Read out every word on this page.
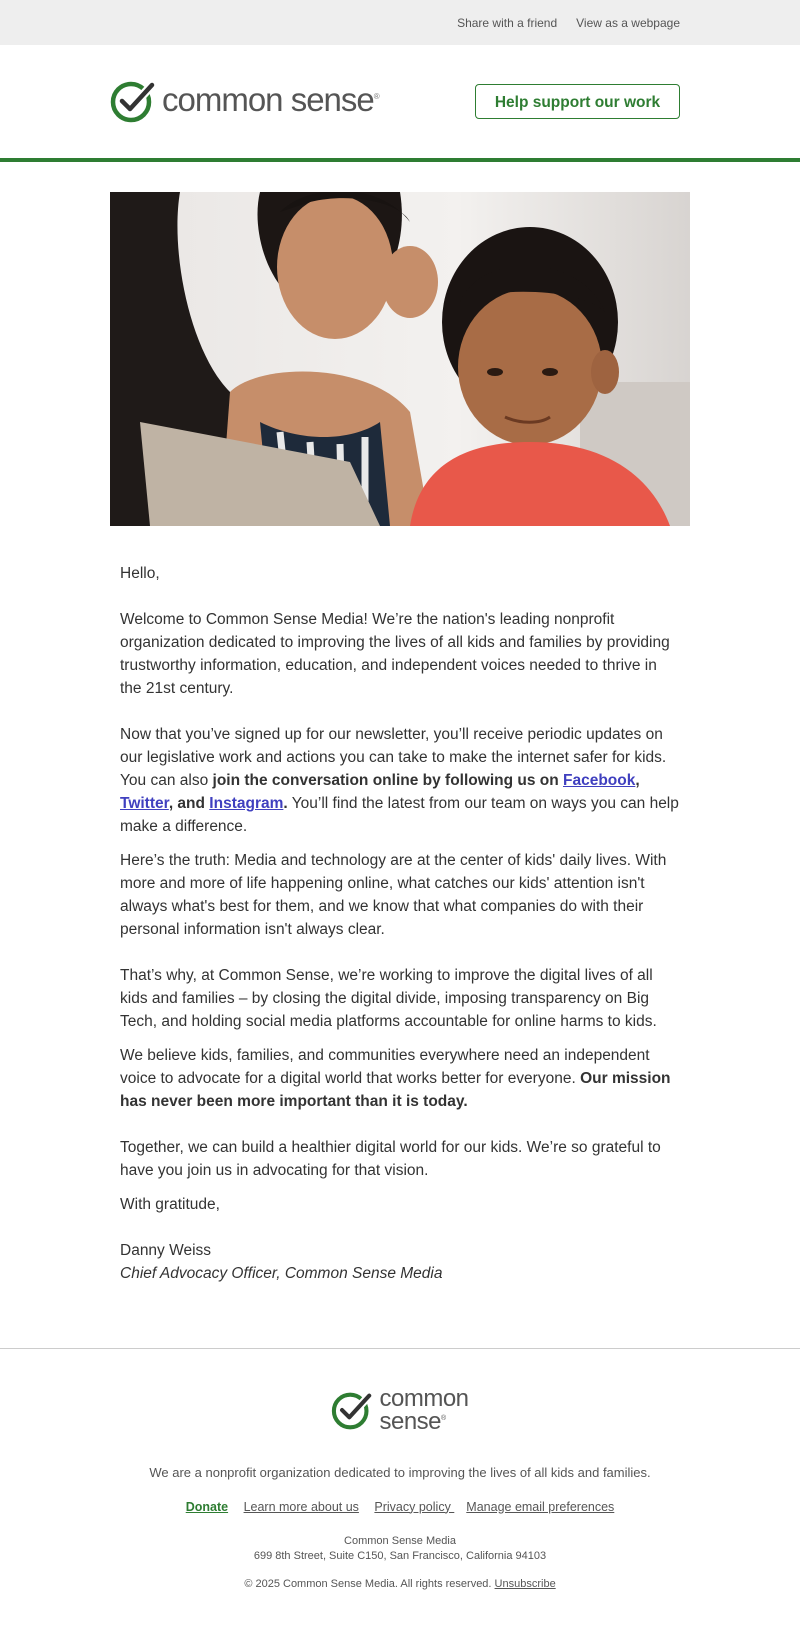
Share with a friend View as a webpage
common sense®	Help support our work

Hello,

Welcome to Common Sense Media! We’re the nation's leading nonprofit organization dedicated to improving the lives of all kids and families by providing trustworthy information, education, and independent voices needed to thrive in the 21st century.

Now that you’ve signed up for our newsletter, you’ll receive periodic updates on our legislative work and actions you can take to make the internet safer for kids. You can also join the conversation online by following us on Facebook, Twitter, and Instagram. You’ll find the latest from our team on ways you can help make a difference.

Here’s the truth: Media and technology are at the center of kids' daily lives. With more and more of life happening online, what catches our kids' attention isn't always what's best for them, and we know that what companies do with their personal information isn't always clear.

That’s why, at Common Sense, we’re working to improve the digital lives of all kids and families – by closing the digital divide, imposing transparency on Big Tech, and holding social media platforms accountable for online harms to kids.

We believe kids, families, and communities everywhere need an independent voice to advocate for a digital world that works better for everyone. Our mission has never been more important than it is today.

Together, we can build a healthier digital world for our kids. We’re so grateful to have you join us in advocating for that vision.

With gratitude,

Danny Weiss

Chief Advocacy Officer, Common Sense Media

common
sense®
We are a nonprofit organization dedicated to improving the lives of all kids and families.
Donate Learn more about us Privacy policy Manage email preferences
Common Sense Media
699 8th Street, Suite C150, San Francisco, California 94103
© 2025 Common Sense Media. All rights reserved. Unsubscribe
